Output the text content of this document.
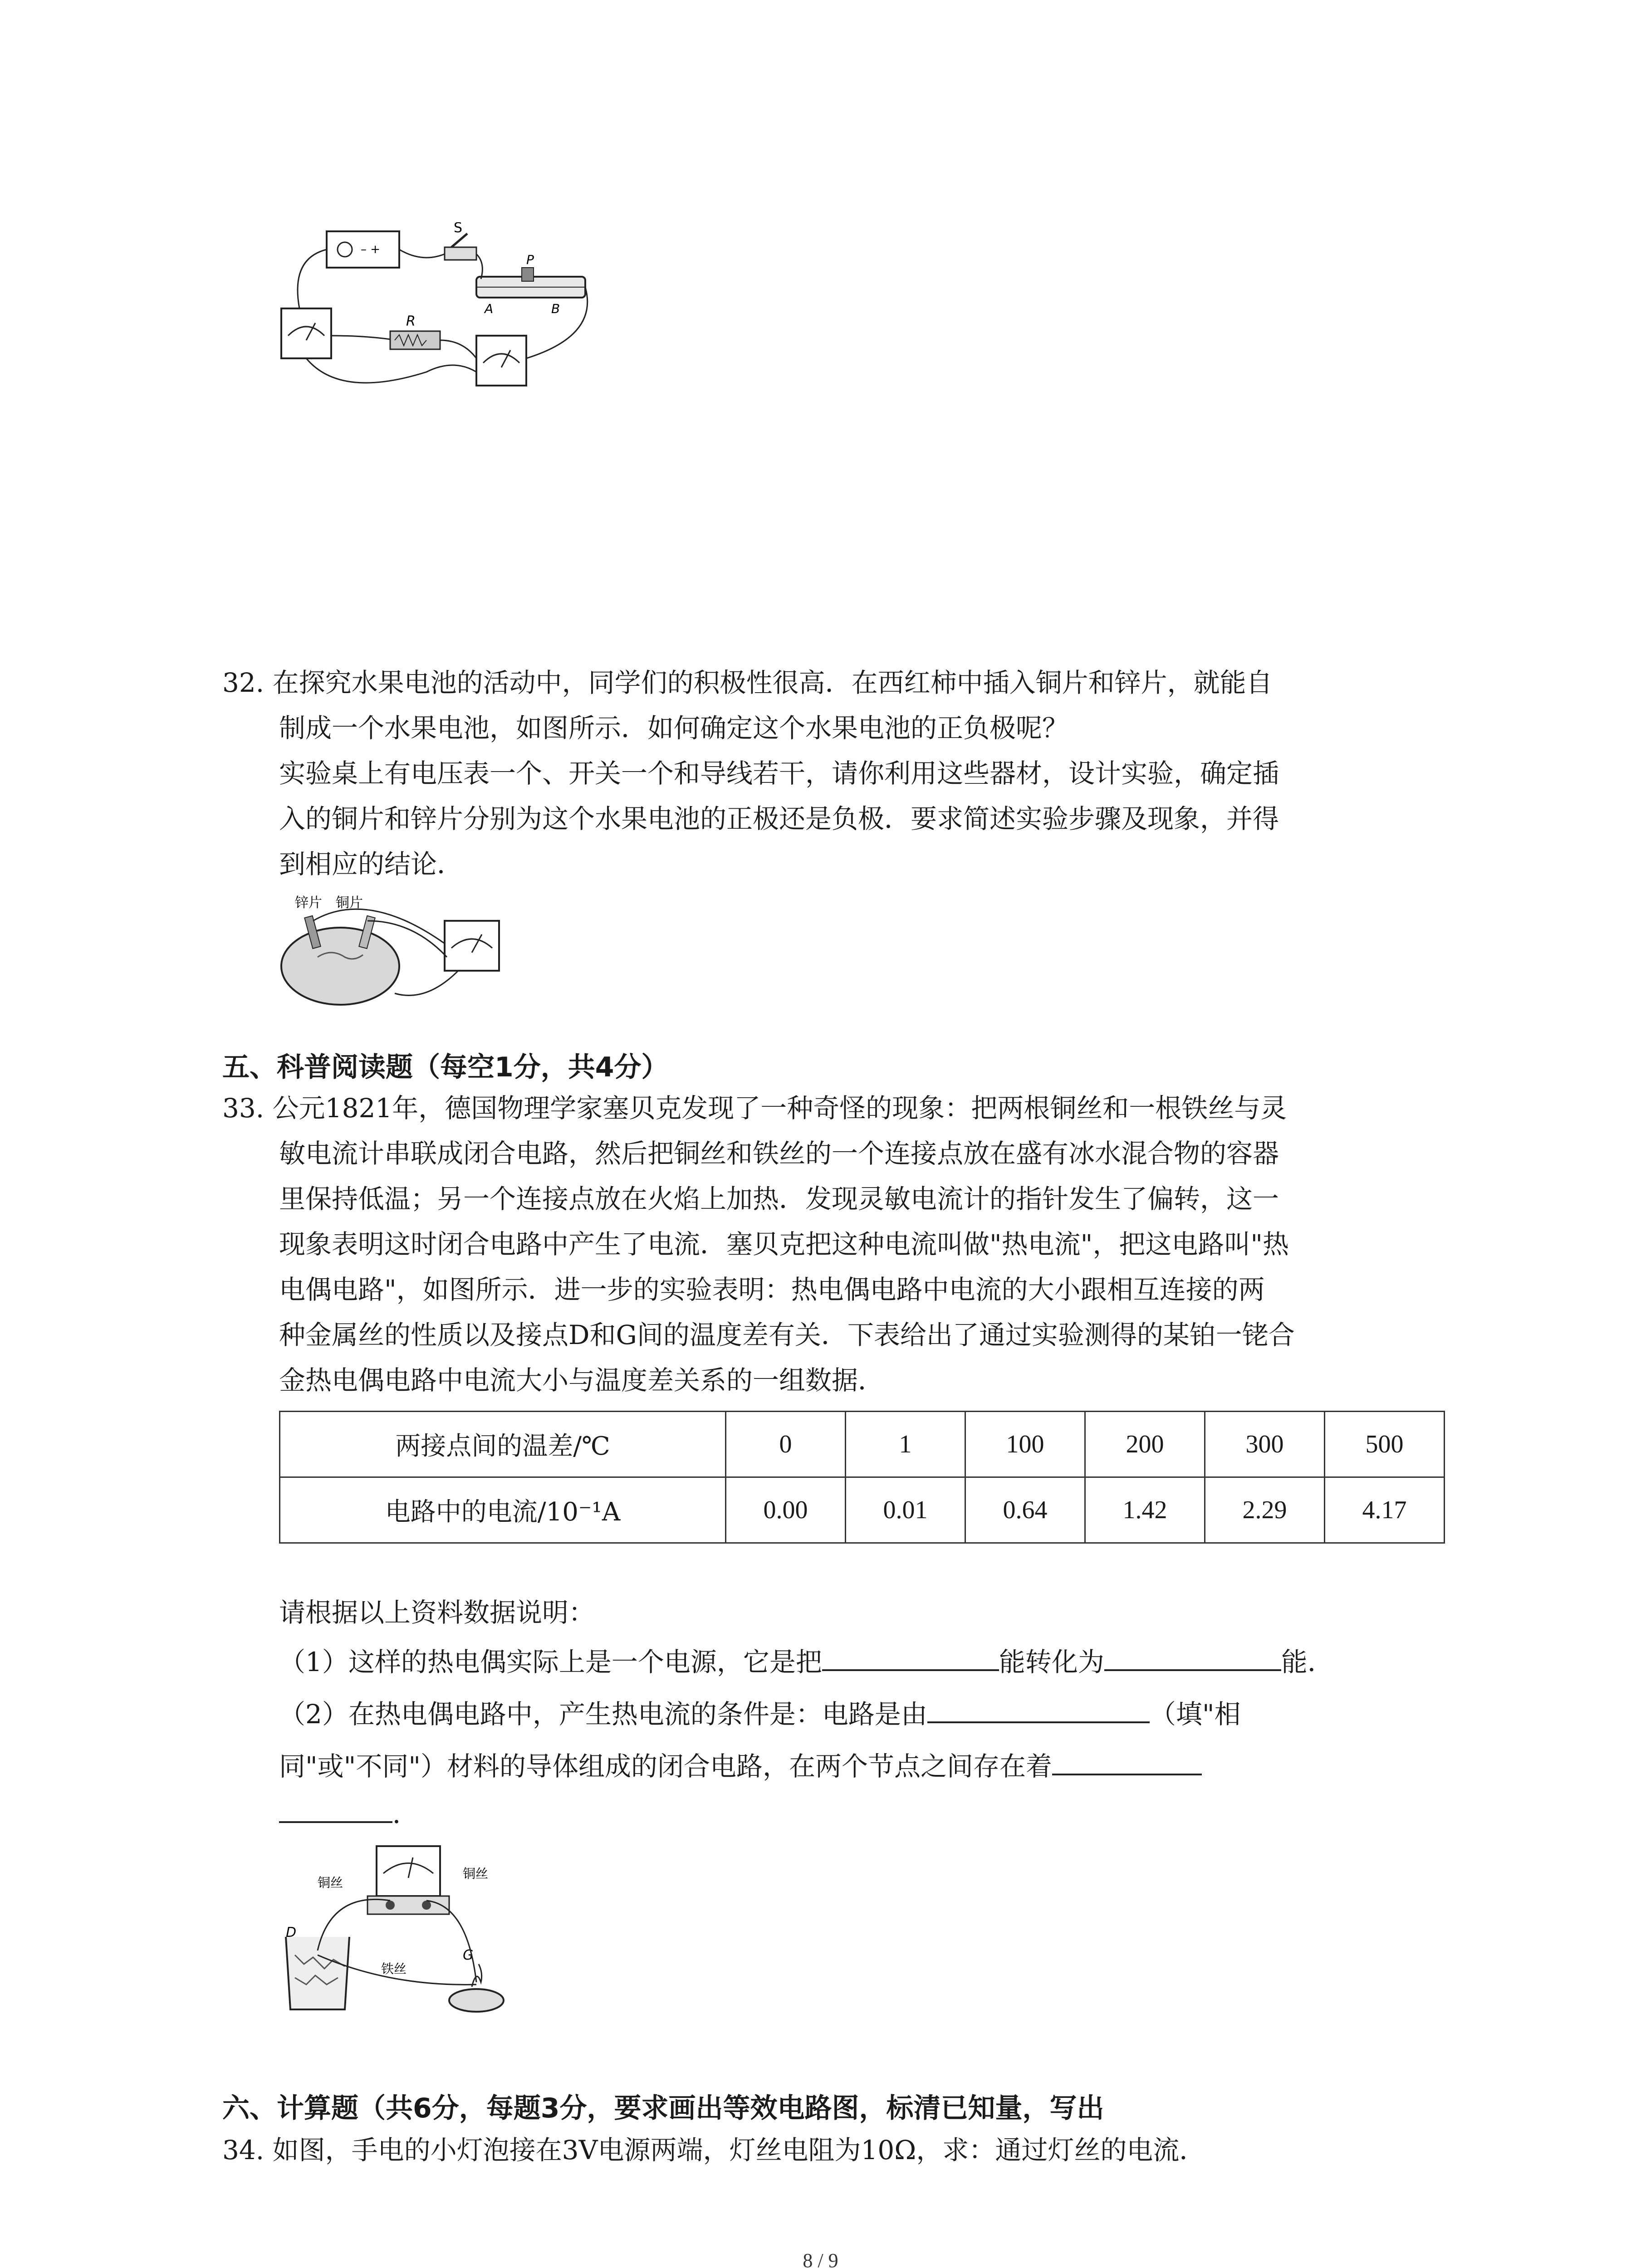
– +
S
P
A	B
R
32. 在探究水果电池的活动中，同学们的积极性很高．在西红柿中插入铜片和锌片，就能自
制成一个水果电池，如图所示．如何确定这个水果电池的正负极呢？
实验桌上有电压表一个、开关一个和导线若干，请你利用这些器材，设计实验，确定插
入的铜片和锌片分别为这个水果电池的正极还是负极．要求简述实验步骤及现象，并得
到相应的结论．
锌片 铜片
五、科普阅读题（每空1分，共4分）
33. 公元1821年，德国物理学家塞贝克发现了一种奇怪的现象：把两根铜丝和一根铁丝与灵
敏电流计串联成闭合电路，然后把铜丝和铁丝的一个连接点放在盛有冰水混合物的容器
里保持低温；另一个连接点放在火焰上加热．发现灵敏电流计的指针发生了偏转，这一
现象表明这时闭合电路中产生了电流．塞贝克把这种电流叫做"热电流"，把这电路叫"热
电偶电路"，如图所示．进一步的实验表明：热电偶电路中电流的大小跟相互连接的两
种金属丝的性质以及接点D和G间的温度差有关．下表给出了通过实验测得的某铂一铑合
金热电偶电路中电流大小与温度差关系的一组数据．
两接点间的温差/℃	0	1	100	200	300	500
电路中的电流/10⁻¹A	0.00	0.01	0.64	1.42	2.29	4.17
请根据以上资料数据说明：
（1）这样的热电偶实际上是一个电源，它是把	能转化为	能．
（2）在热电偶电路中，产生热电流的条件是：电路是由	（填"相
同"或"不同"）材料的导体组成的闭合电路，在两个节点之间存在着
．
铜丝
铜丝
铁丝
D
G
六、计算题（共6分，每题3分，要求画出等效电路图，标清已知量，写出
34. 如图，手电的小灯泡接在3V电源两端，灯丝电阻为10Ω，求：通过灯丝的电流．
8 / 9
